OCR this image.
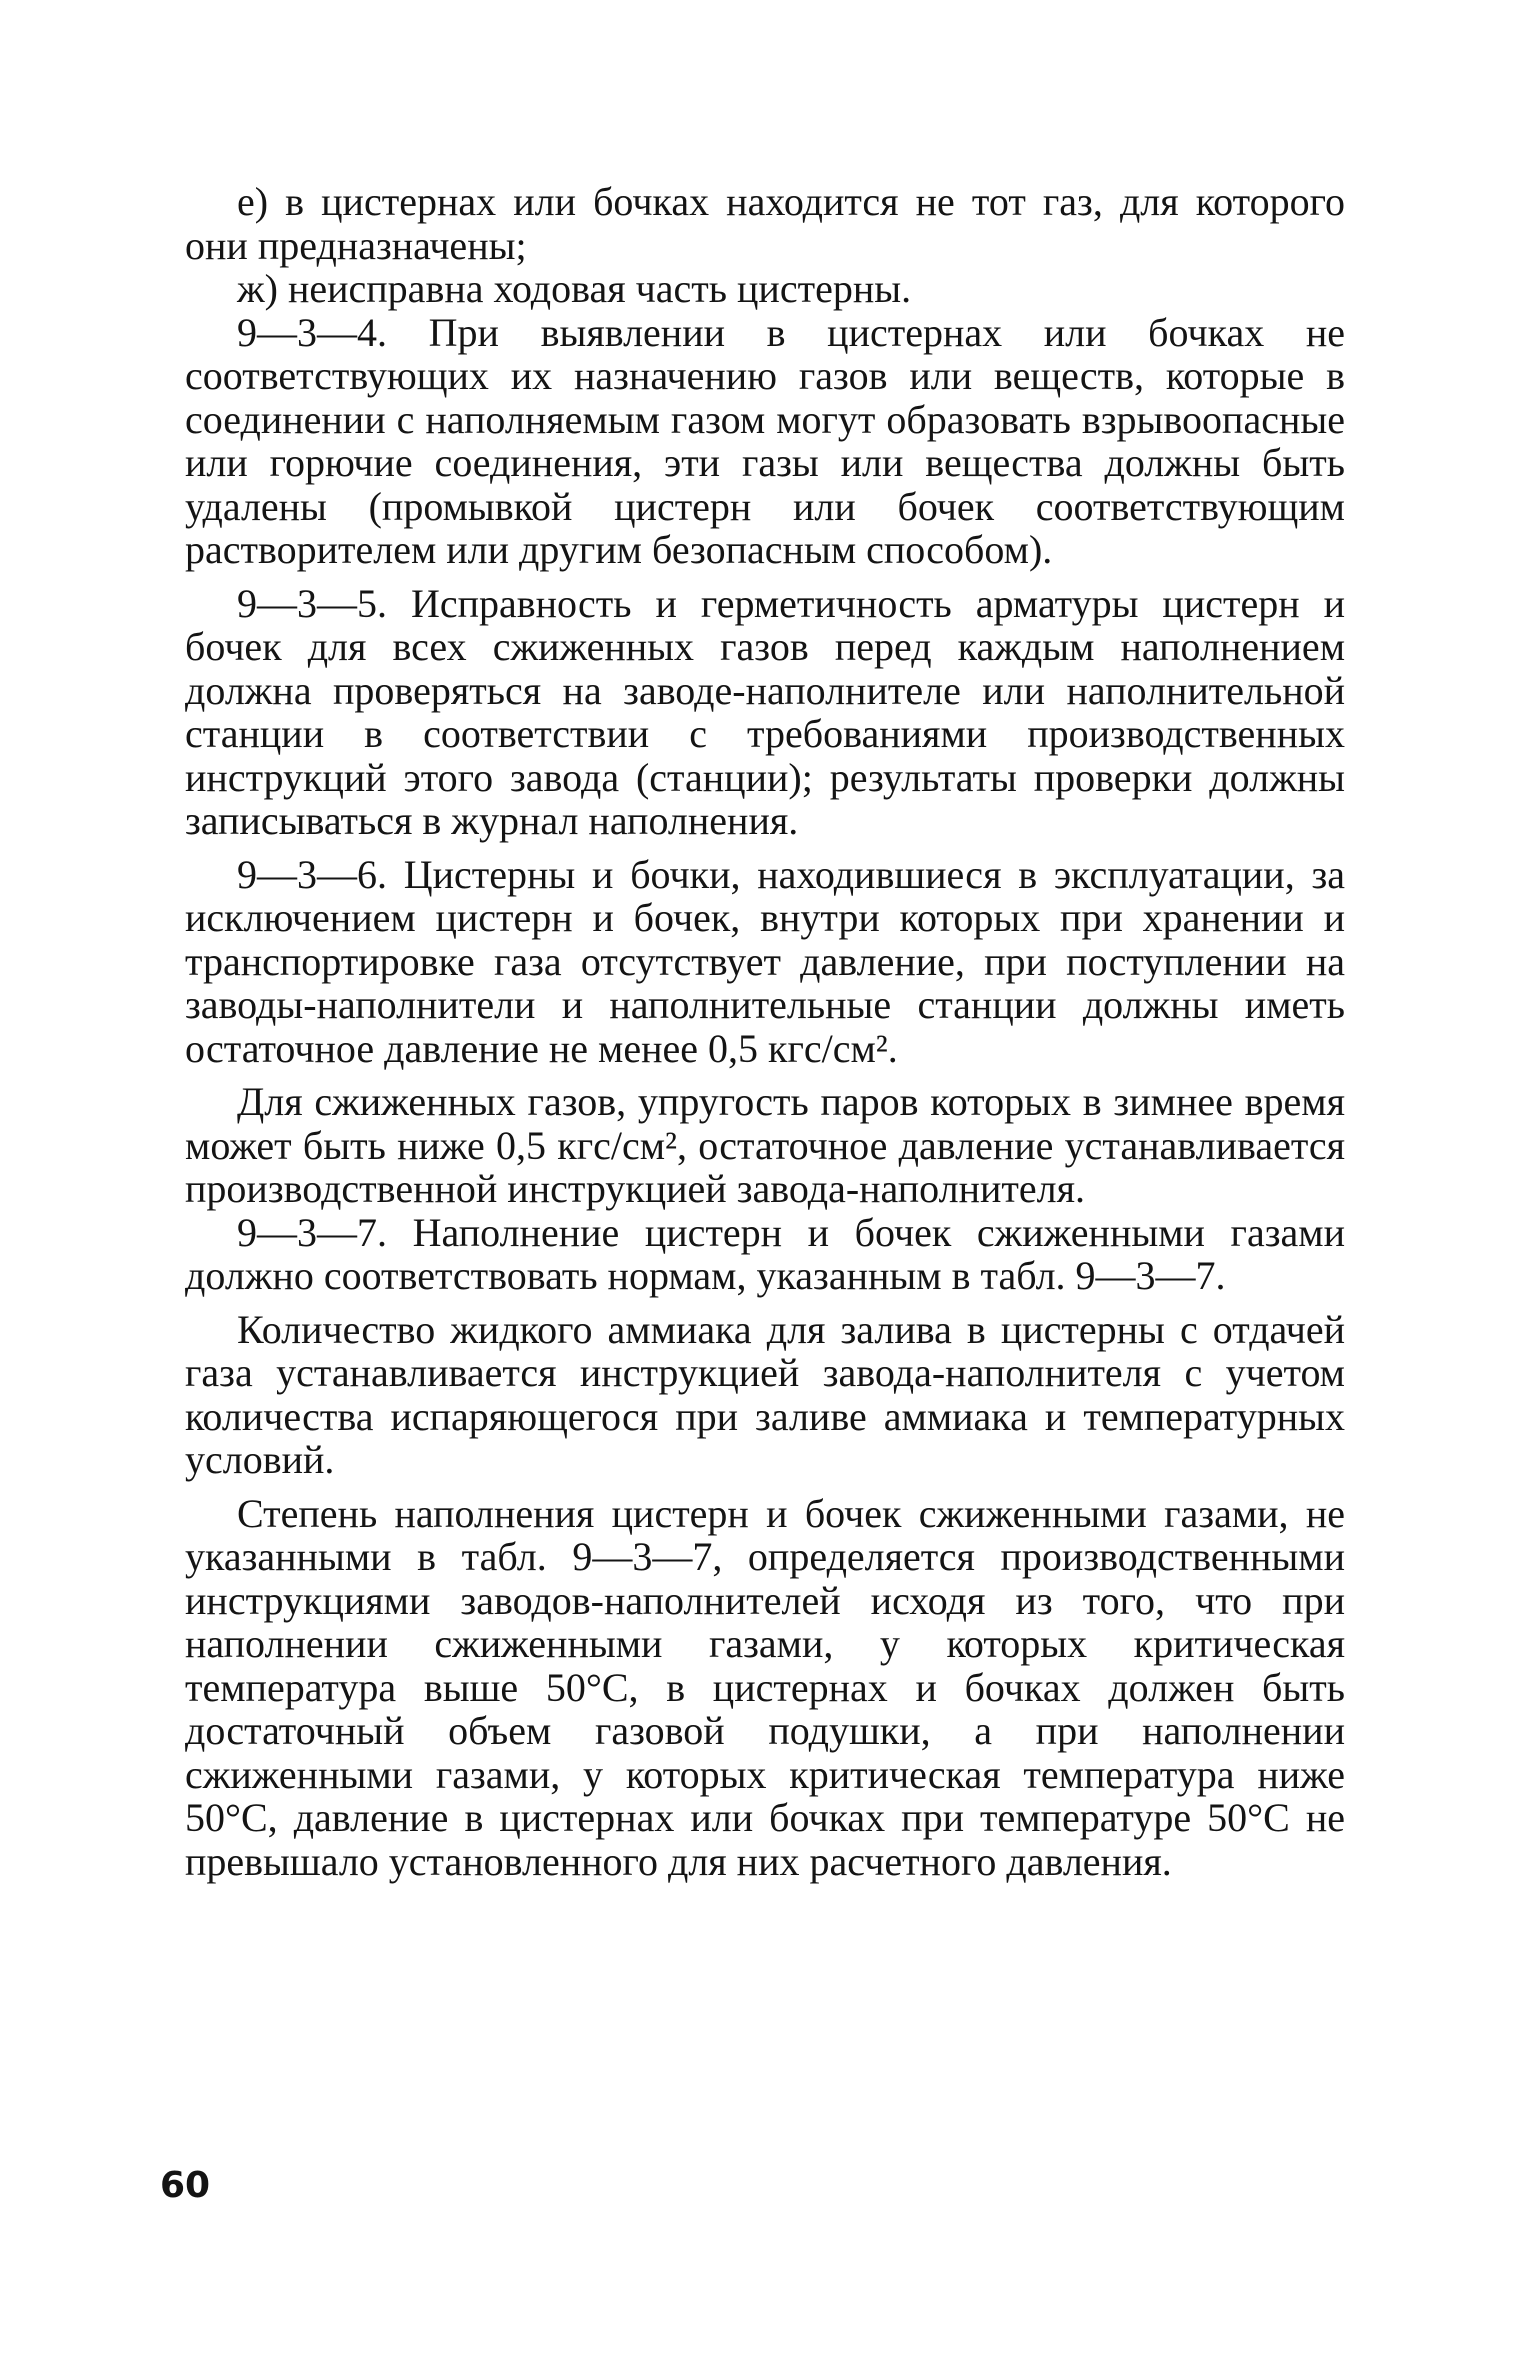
е) в цистернах или бочках находится не тот газ, для которого они предназначены;

ж) неисправна ходовая часть цистерны.

9—3—4. При выявлении в цистернах или бочках не соответствующих их назначению газов или веществ, которые в соединении с наполняемым газом могут образовать взрывоопасные или горючие соединения, эти газы или вещества должны быть удалены (промывкой цистерн или бочек соответствующим растворителем или другим безопасным способом).

9—3—5. Исправность и герметичность арматуры цистерн и бочек для всех сжиженных газов перед каждым наполнением должна проверяться на заводе-наполнителе или наполнительной станции в соответствии с требованиями производственных инструкций этого завода (станции); результаты проверки должны записываться в журнал наполнения.

9—3—6. Цистерны и бочки, находившиеся в эксплуатации, за исключением цистерн и бочек, внутри которых при хранении и транспортировке газа отсутствует давление, при поступлении на заводы-наполнители и наполнительные станции должны иметь остаточное давление не менее 0,5 кгс/см².

Для сжиженных газов, упругость паров которых в зимнее время может быть ниже 0,5 кгс/см², остаточное давление устанавливается производственной инструкцией завода-наполнителя.

9—3—7. Наполнение цистерн и бочек сжиженными газами должно соответствовать нормам, указанным в табл. 9—3—7.

Количество жидкого аммиака для залива в цистерны с отдачей газа устанавливается инструкцией завода-наполнителя с учетом количества испаряющегося при заливе аммиака и температурных условий.

Степень наполнения цистерн и бочек сжиженными газами, не указанными в табл. 9—3—7, определяется производственными инструкциями заводов-наполнителей исходя из того, что при наполнении сжиженными газами, у которых критическая температура выше 50°С, в цистернах и бочках должен быть достаточный объем газовой подушки, а при наполнении сжиженными газами, у которых критическая температура ниже 50°С, давление в цистернах или бочках при температуре 50°С не превышало установленного для них расчетного давления.

60
